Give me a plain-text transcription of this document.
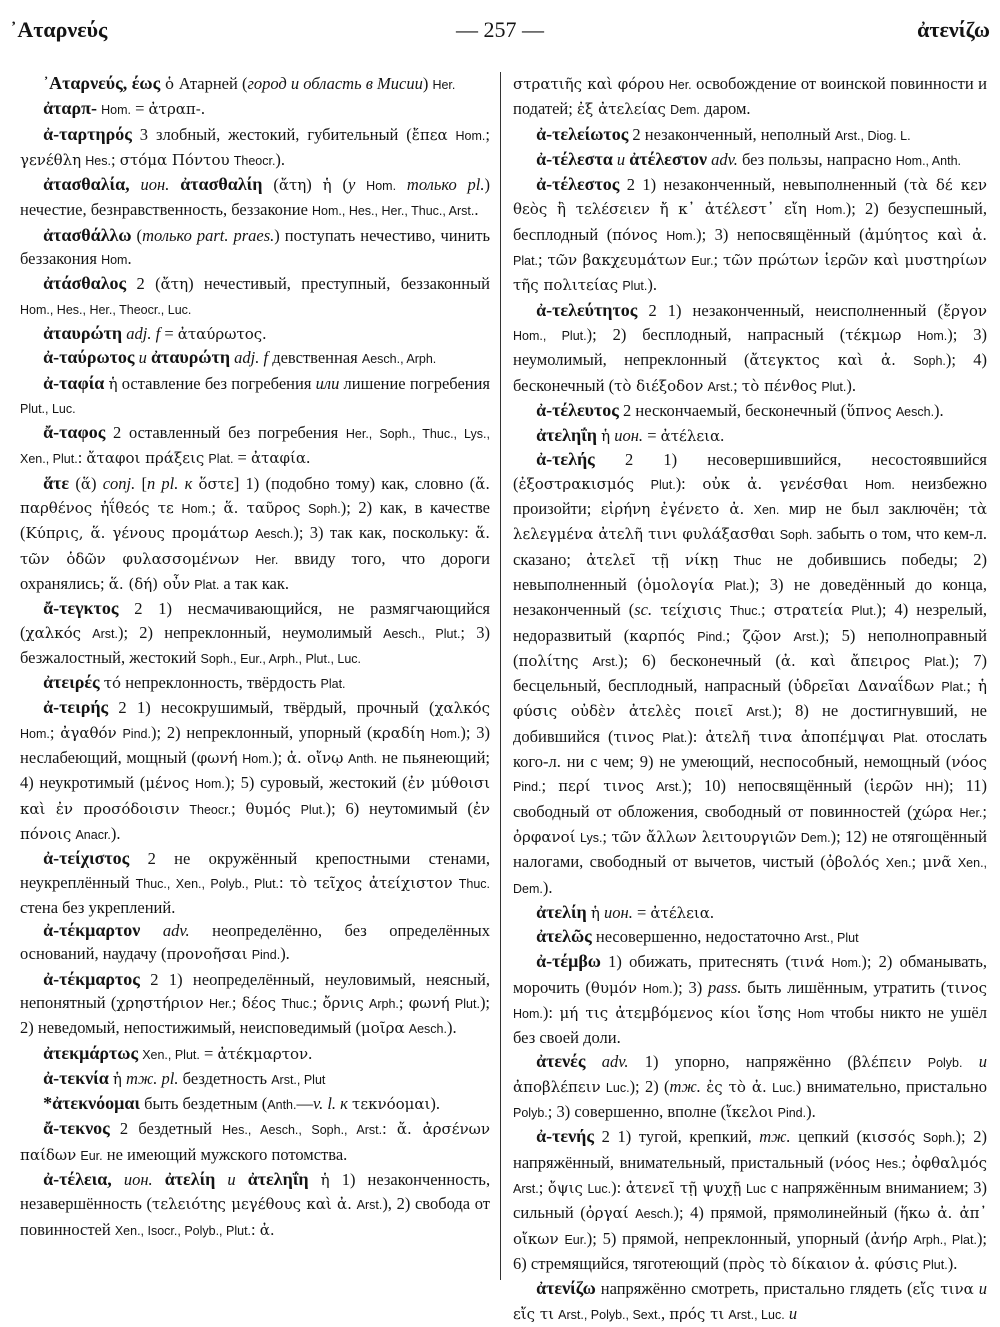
᾽Αταρνεύς	— 257 —	ἀτενίζω

᾽Αταρνεύς, έως ὁ Атарней (город и область в Мисии) Her.

ἀταρπ- Hom. = ἀτραπ-.

ἀ-ταρτηρός 3 злобный, жестокий, губительный (ἔπεα Hom.; γενέθλη Hes.; στόμα Πόντου Theocr.).

ἀτασθαλία, ион. ἀτασθαλίη (ἄτη) ἡ (у Hom. только pl.) нечестие, безнравственность, беззаконие Hom., Hes., Her., Thuc., Arst..

ἀτασθάλλω (только part. praes.) поступать нечестиво, чинить беззакония Hom.

ἀτάσθαλος 2 (ἄτη) нечестивый, преступный, беззаконный Hom., Hes., Her., Theocr., Luc.

ἀταυρώτη adj. f = ἀταύρωτος.

ἀ-ταύρωτος и ἀταυρώτη adj. f девственная Aesch., Arph.

ἀ-ταφία ἡ оставление без погребения или лишение погребения Plut., Luc.

ἄ-ταφος 2 оставленный без погребения Her., Soph., Thuc., Lys., Xen., Plut.: ἄταφοι πράξεις Plat. = ἀταφία.

ἅτε (ἅ) conj. [n pl. к ὅστε] 1) (подобно тому) как, словно (ἅ. παρθένος ἠΐθεός τε Hom.; ἅ. ταῦρος Soph.); 2) как, в качестве (Κύπρις, ἅ. γένους προμάτωρ Aesch.); 3) так как, поскольку: ἅ. τῶν ὁδῶν φυλασσομένων Her. ввиду того, что дороги охранялись; ἅ. (δή) οὖν Plat. а так как.

ἄ-τεγκτος 2 1) несмачивающийся, не размягчающийся (χαλκός Arst.); 2) непреклонный, неумолимый Aesch., Plut.; 3) безжалостный, жестокий Soph., Eur., Arph., Plut., Luc.

ἀτειρές τό непреклонность, твёрдость Plat.

ἀ-τειρής 2 1) несокрушимый, твёрдый, прочный (χαλκός Hom.; ἀγαθόν Pind.); 2) непреклонный, упорный (κραδίη Hom.); 3) неслабеющий, мощный (φωνή Hom.); ἀ. οἴνῳ Anth. не пьянеющий; 4) неукротимый (μένος Hom.); 5) суровый, жестокий (ἐν μύθοισι καὶ ἐν προσόδοισιν Theocr.; θυμός Plut.); 6) неутомимый (ἐν πόνοις Anacr.).

ἀ-τείχιστος 2 не окружённый крепостными стенами, неукреплённый Thuc., Xen., Polyb., Plut.: τὸ τεῖχος ἀτείχιστον Thuc. стена без укреплений.

ἀ-τέκμαρτον adv. неопределённо, без определённых оснований, наудачу (προνοῆσαι Pind.).

ἀ-τέκμαρτος 2 1) неопределённый, неуловимый, неясный, непонятный (χρηστήριον Her.; δέος Thuc.; ὄρνις Arph.; φωνή Plut.); 2) неведомый, непостижимый, неисповедимый (μοῖρα Aesch.).

ἀτεκμάρτως Xen., Plut. = ἀτέκμαρτον.

ἀ-τεκνία ἡ тж. pl. бездетность Arst., Plut

*ἀτεκνόομαι быть бездетным (Anth.—v. l. к τεκνόομαι).

ἄ-τεκνος 2 бездетный Hes., Aesch., Soph., Arst.: ἄ. ἀρσένων παίδων Eur. не имеющий мужского потомства.

ἀ-τέλεια, ион. ἀτελίη и ἀτεληΐη ἡ 1) незаконченность, незавершённость (τελειότης μεγέθους καὶ ἀ. Arst.), 2) свобода от повинностей Xen., Isocr., Polyb., Plut.: ἀ.

στρατιῆς καὶ φόρου Her. освобождение от воинской повинности и податей; ἐξ ἀτελείας Dem. даром.

ἀ-τελείωτος 2 незаконченный, неполный Arst., Diog. L.

ἀ-τέλεστα и ἀτέλεστον adv. без пользы, напрасно Hom., Anth.

ἀ-τέλεστος 2 1) незаконченный, невыполненный (τὰ δέ κεν θεὸς ἢ τελέσειεν ἤ κ᾽ ἀτέλεστ᾽ εἴη Hom.); 2) безуспешный, бесплодный (πόνος Hom.); 3) непосвящённый (ἀμύητος καὶ ἀ. Plat.; τῶν βακχευμάτων Eur.; τῶν πρώτων ἱερῶν καὶ μυστηρίων τῆς πολιτείας Plut.).

ἀ-τελεύτητος 2 1) незаконченный, неисполненный (ἔργον Hom., Plut.); 2) бесплодный, напрасный (τέκμωρ Hom.); 3) неумолимый, непреклонный (ἄτεγκτος καὶ ἀ. Soph.); 4) бесконечный (τὸ διέξοδον Arst.; τὸ πένθος Plut.).

ἀ-τέλευτος 2 нескончаемый, бесконечный (ὕπνος Aesch.).

ἀτεληΐη ἡ ион. = ἀτέλεια.

ἀ-τελής 2 1) несовершившийся, несостоявшийся (ἐξοστρακισμός Plut.): οὐκ ἀ. γενέσθαι Hom. неизбежно произойти; εἰρήνη ἐγένετο ἀ. Xen. мир не был заключён; τὰ λελεγμένα ἀτελῆ τινι φυλάξασθαι Soph. забыть о том, что кем-л. сказано; ἀτελεῖ τῇ νίκῃ Thuc не добившись победы; 2) невыполненный (ὁμολογία Plat.); 3) не доведённый до конца, незаконченный (sc. τείχισις Thuc.; στρατεία Plut.); 4) незрелый, недоразвитый (καρπός Pind.; ζῷον Arst.); 5) неполноправный (πολίτης Arst.); 6) бесконечный (ἀ. καὶ ἄπειρος Plat.); 7) бесцельный, бесплодный, напрасный (ὑδρεῖαι Δαναΐδων Plat.; ἡ φύσις οὐδὲν ἀτελὲς ποιεῖ Arst.); 8) не достигнувший, не добившийся (τινος Plat.): ἀτελῆ τινα ἀποπέμψαι Plat. отослать кого-л. ни с чем; 9) не умеющий, неспособный, немощный (νόος Pind.; περί τινος Arst.); 10) непосвящённый (ἱερῶν HH); 11) свободный от обложения, свободный от повинностей (χώρα Her.; ὀρφανοί Lys.; τῶν ἄλλων λειτουργιῶν Dem.); 12) не отягощённый налогами, свободный от вычетов, чистый (ὀβολός Xen.; μνᾶ Xen., Dem.).

ἀτελίη ἡ ион. = ἀτέλεια.

ἀτελῶς несовершенно, недостаточно Arst., Plut

ἀ-τέμβω 1) обижать, притеснять (τινά Hom.); 2) обманывать, морочить (θυμόν Hom.); 3) pass. быть лишённым, утратить (τινος Hom.): μή τις ἀτεμβόμενος κίοι ἴσης Hom чтобы никто не ушёл без своей доли.

ἀτενές adv. 1) упорно, напряжённо (βλέπειν Polyb. и ἀποβλέπειν Luc.); 2) (тж. ἐς τὸ ἀ. Luc.) внимательно, пристально Polyb.; 3) совершенно, вполне (ἴκελοι Pind.).

ἀ-τενής 2 1) тугой, крепкий, тж. цепкий (κισσός Soph.); 2) напряжённый, внимательный, пристальный (νόος Hes.; ὀφθαλμός Arst.; ὄψις Luc.): ἀτενεῖ τῇ ψυχῇ Luc с напряжённым вниманием; 3) сильный (ὀργαί Aesch.); 4) прямой, прямолинейный (ἥκω ἀ. ἀπ᾽ οἴκων Eur.); 5) прямой, непреклонный, упорный (ἀνήρ Arph., Plat.); 6) стремящийся, тяготеющий (πρὸς τὸ δίκαιον ἀ. φύσις Plut.).

ἀτενίζω напряжённо смотреть, пристально глядеть (εἴς τινα и εἴς τι Arst., Polyb., Sext., πρός τι Arst., Luc. и
